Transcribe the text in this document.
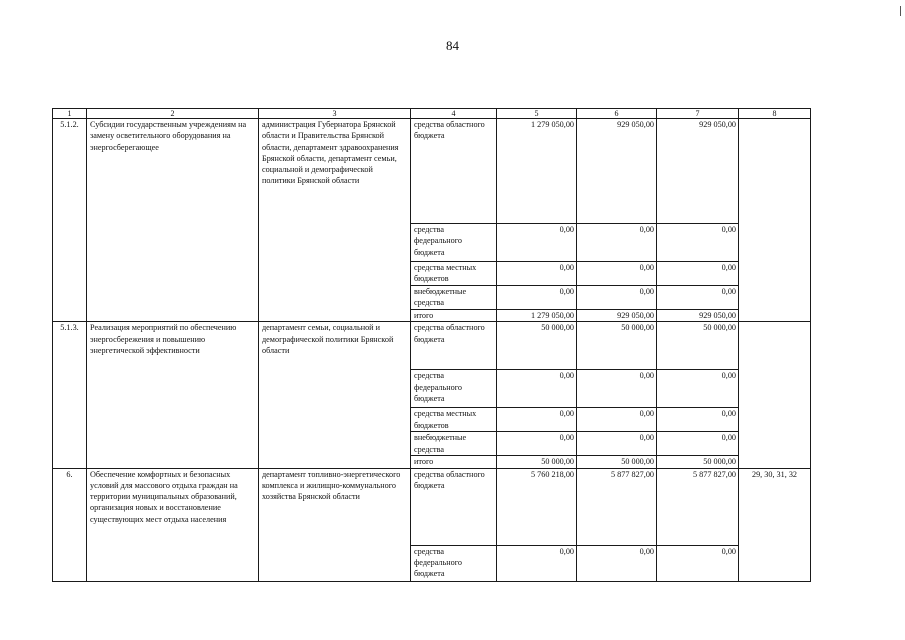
84
1	2	3	4	5	6	7	8
5.1.2.	Субсидии государственным учреждениям на замену осветительного оборудования на энергосберегающее	администрация Губернатора Брянской области и Правительства Брянской области, департамент здравоохранения Брянской области, департамент семьи, социальной и демографической политики Брянской области	средства областного бюджета	1 279 050,00	929 050,00	929 050,00	
			средства федерального бюджета	0,00	0,00	0,00	
			средства местных бюджетов	0,00	0,00	0,00	
			внебюджетные средства	0,00	0,00	0,00	
			итого	1 279 050,00	929 050,00	929 050,00	
5.1.3.	Реализация мероприятий по обеспечению энергосбережения и повышению энергетической эффективности	департамент семьи, социальной и демографической политики Брянской области	средства областного бюджета	50 000,00	50 000,00	50 000,00	
			средства федерального бюджета	0,00	0,00	0,00	
			средства местных бюджетов	0,00	0,00	0,00	
			внебюджетные средства	0,00	0,00	0,00	
			итого	50 000,00	50 000,00	50 000,00	
6.	Обеспечение комфортных и безопасных условий для массового отдыха граждан на территории муниципальных образований, организация новых и восстановление существующих мест отдыха населения	департамент топливно-энергетического комплекса и жилищно-коммунального хозяйства Брянской области	средства областного бюджета	5 760 218,00	5 877 827,00	5 877 827,00	29, 30, 31, 32
			средства федерального бюджета	0,00	0,00	0,00	
